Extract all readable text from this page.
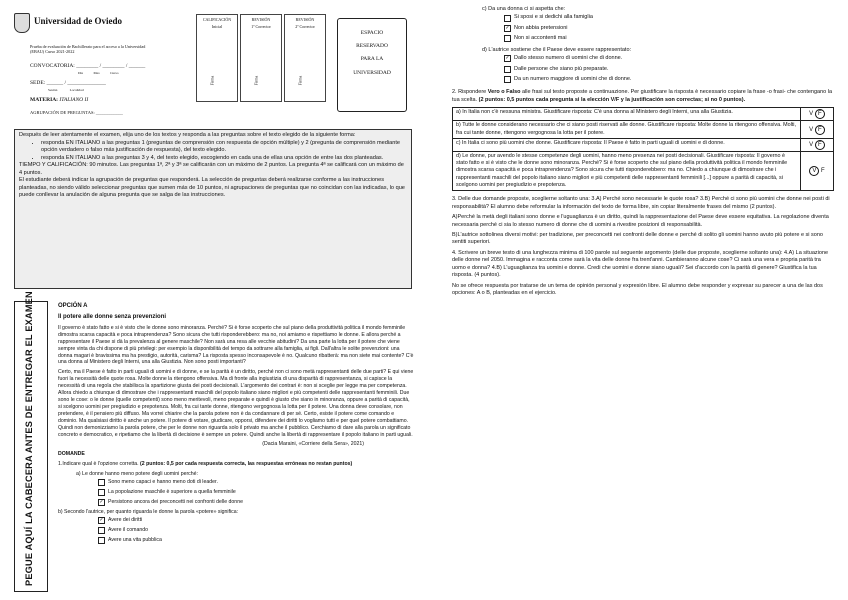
Universidad de Oviedo
Prueba de evaluación de Bachillerato para el acceso a la Universidad
(EBAU) Curso 2021-2022
CONVOCATORIA: ________ / ________ / ______
Día            Mes            Curso
SEDE: ______ / ______________
Sesión              Localidad
MATERIA: ITALIANO II
AGRUPACIÓN DE PREGUNTAS: ____________
CALIFICACIÓN
Inicial
Firma
REVISIÓN
1º Corrector
Firma
REVISIÓN
2º Corrector
Firma
ESPACIO
RESERVADO
PARA LA
UNIVERSIDAD

Después de leer atentamente el examen, elija uno de los textos y responda a las preguntas sobre el texto elegido de la siguiente forma:

• responda EN ITALIANO a las preguntas 1 (preguntas de comprensión con respuesta de opción múltiple) y 2 (pregunta de comprensión mediante opción verdadero o falso más justificación de respuesta), del texto elegido.
• responda EN ITALIANO a las preguntas 3 y 4, del texto elegido, escogiendo en cada una de ellas una opción de entre las dos planteadas.

TIEMPO Y CALIFICACIÓN: 90 minutos. Las preguntas 1ª, 2ª y 3ª se calificarán con un máximo de 2 puntos. La pregunta 4ª se calificará con un máximo de 4 puntos.

El estudiante deberá indicar la agrupación de preguntas que responderá. La selección de preguntas deberá realizarse conforme a las instrucciones planteadas, no siendo válido seleccionar preguntas que sumen más de 10 puntos, ni agrupaciones de preguntas que no coincidan con las indicadas, lo que puede conllevar la anulación de alguna pregunta que se salga de las instrucciones.

PEGUE AQUÍ LA CABECERA ANTES DE ENTREGAR EL EXAMEN	OPCIÓN A

Il potere alle donne senza prevenzioni

Il governo è stato fatto e si è visto che le donne sono minoranza. Perché? Si è forse scoperto che sul piano della produttività politica il mondo femminile dimostra scarsa capacità e poca intraprendenza? Sono sicura che tutti risponderebbero: ma no, noi amiamo e rispettiamo le donne. E allora perché a rappresentare il Paese si dà la prevalenza al genere maschile? Non sarà una resa alle vecchie abitudini? Da una parte la lotta per il potere che viene sempre vinta da chi dispone di più privilegi: per esempio la disponibilità del tempo da sottrarre alla famiglia, ai figli. Dall'altra le solite prevenzioni: una donna magari è bravissima ma ha prestigio, autorità, carisma? La risposta spesso inconsapevole è no. Qualcuno ribatterà: ma non siete mai contente? C'è una donna al Ministero degli Interni, una alla Giustizia. Non sono posti importanti?

Certo, ma il Paese è fatto in parti uguali di uomini e di donne, e se la parità è un diritto, perché non ci sono metà rappresentanti delle due parti? E qui viene fuori la necessità delle quote rosa. Molte donne la ritengono offensiva. Ma di fronte alla ingiustizia di una disparità di rappresentanza, si capisce la necessità di una regola che stabilisca la spartizione giusta dei posti decisionali. L'argomento dei contrari è: non si sceglie per legge ma per competenza. Allora chiedo a chiunque di dimostrare che i rappresentanti maschili del popolo italiano siano migliori e più competenti delle rappresentanti femminili. Due sono le cose: o le donne (quelle competenti) sono meno meritevoli, meno preparate e quindi è giusto che siano in minoranza, oppure a parità di capacità, si scelgono uomini per pregiudizio e prepotenza. Molti, fra cui tante donne, ritengono vergognosa la lotta per il potere. Una donna deve consolare, non pretendere, è il pensiero più diffuso. Ma vorrei chiarire che la parola potere non è da condannare di per sé. Certo, esiste il potere come comando e dominio. Ma qualsiasi diritto è anche un potere. Il potere di votare, giudicare, opporsi, difendere dei diritti lo vogliamo tutti e per quel potere combattiamo. Quindi non demonizziamo la parola potere, che per le donne non riguarda solo il privato ma anche il pubblico. Cerchiamo di dare alla parola un significato concreto e democratico, e ripetiamo che la libertà di decisione è sempre un potere. Quindi anche la libertà di rappresentare il popolo italiano in parti uguali.

(Dacia Maraini, «Corriere della Sera», 2021)

DOMANDE

1.Indicare qual è l'opzione corretta. (2 puntos: 0,5 por cada respuesta correcta, las respuestas erróneas no restan puntos)

a) Le donne hanno meno potere degli uomini perché:

Sono meno capaci e hanno meno doti di leader.

La popolazione maschile è superiore a quella femminile

✓ Persistono ancora dei preconcetti nei confronti delle donne

b) Secondo l'autrice, per quanto riguarda le donne la parola «potere» significa:

✓ Avere dei diritti

Avere il comando

Avere una vita pubblica

c) Da una donna ci si aspetta che:

Si sposi e si dedichi alla famiglia

✓ Non abbia pretensioni

Non si accontenti mai

d) L'autrice sostiene che il Paese deve essere rappresentato:

✓ Dallo stesso numero di uomini che di donne.

Dalle persone che siano più preparate.

Da un numero maggiore di uomini che di donne.

2. Rispondere Vero o Falso alle frasi sul testo proposte a continuazione. Per giustificare la risposta è necessario copiare la frase -o frasi- che contengano la tua scelta. (2 puntos: 0,5 puntos cada pregunta si la elección V/F y la justificación son correctas; si no 0 puntos).

a) In Italia non c'è nessuna ministra. Giustificare risposta: C'è una donna al Ministero degli Interni, una alla Giustizia.	V F
b) Tutte le donne considerano necessario che ci siano posti riservati alle donne. Giustificare risposta: Molte donne la ritengono offensiva. Molti, fra cui tante donne, ritengono vergognosa la lotta per il potere.	V F
c) In Italia ci sono più uomini che donne. Giustificare risposta: Il Paese è fatto in parti uguali di uomini e di donne.	V F
d) Le donne, pur avendo le stesse competenze degli uomini, hanno meno presenza nei posti decisionali. Giustificare risposta: Il governo è stato fatto e si è visto che le donne sono minoranza. Perché? Si è forse scoperto che sul piano della produttività politica il mondo femminile dimostra scarsa capacità e poca intraprendenza? Sono sicura che tutti risponderebbero: ma no. Chiedo a chiunque di dimostrare che i rappresentanti maschili del popolo italiano siano migliori e più competenti delle rappresentanti femminili [...] oppure a parità di capacità, si scelgono uomini per pregiudizio e prepotenza.	V F

3. Delle due domande proposte, sceglierne soltanto una: 3.A) Perché sono necessarie le quote rosa? 3.B) Perché ci sono più uomini che donne nei posti di responsabilità? El alumno debe reformular la información del texto de forma libre, sin copiar literalmente frases del mismo (2 puntos).

A)Perché la metà degli italiani sono donne e l'uguaglianza è un diritto, quindi la rappresentazione del Paese deve essere equitativa. La regolazione diventa necessaria perché ci sia lo stesso numero di donne che di uomini a rivestire posizioni di responsabilità.

B)L'autrice sottolinea diversi motivi: per tradizione, per preconcetti nei confronti delle donne e perché di solito gli uomini hanno avuto più potere e si sono sentiti superiori.

4. Scrivere un breve testo di una lunghezza minima di 100 parole sul seguente argomento (delle due proposte, sceglierne soltanto una): 4.A) La situazione delle donne nel 2050. Immagina e racconta come sarà la vita delle donne fra trent'anni. Cambieranno alcune cose? Ci sarà una vera e propria parità tra uomo e donna? 4.B) L'uguaglianza tra uomini e donne. Credi che uomini e donne siano uguali? Sei d'accordo con la parità di genere? Giustifica la tua risposta. (4 puntos).

No se ofrece respuesta por tratarse de un tema de opinión personal y expresión libre. El alumno debe responder y expresar su parecer a una de las dos opciones: A o B, planteadas en el ejercicio.
